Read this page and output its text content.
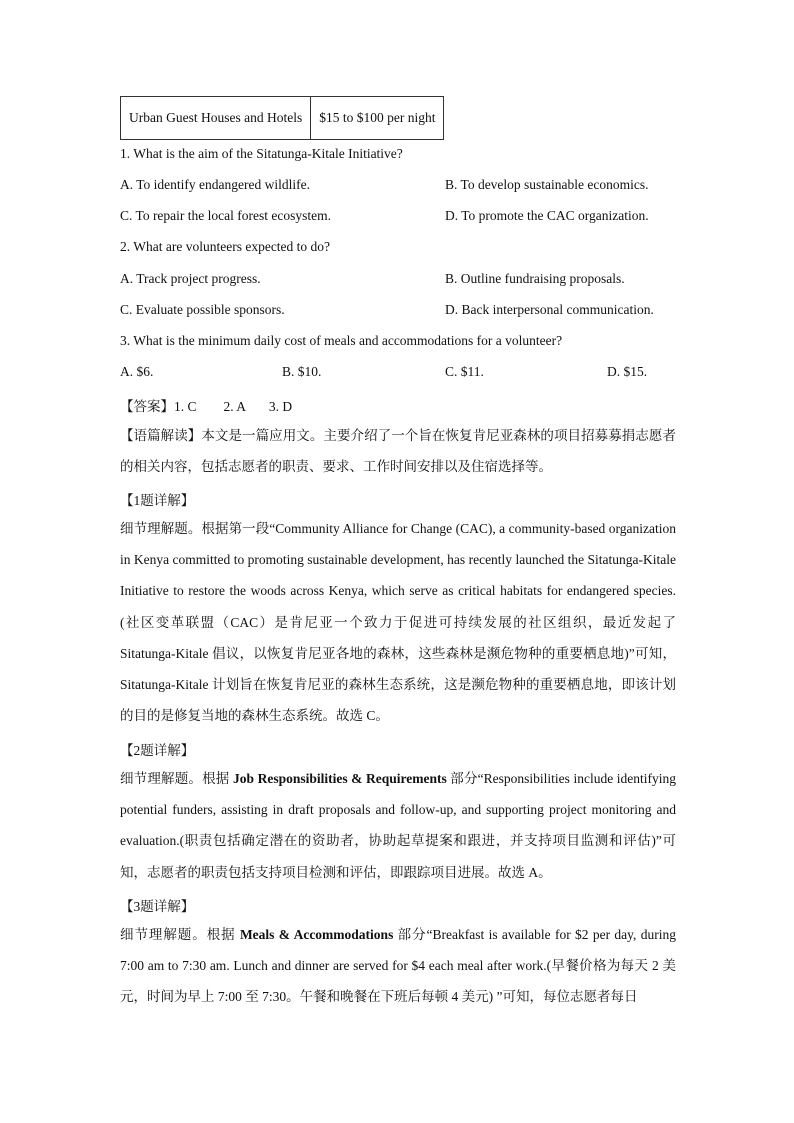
Urban Guest Houses and Hotels	$15 to $100 per night
1. What is the aim of the Sitatunga-Kitale Initiative?
A. To identify endangered wildlife.	B. To develop sustainable economics.
C. To repair the local forest ecosystem.	D. To promote the CAC organization.
2. What are volunteers expected to do?
A. Track project progress.	B. Outline fundraising proposals.
C. Evaluate possible sponsors.	D. Back interpersonal communication.
3. What is the minimum daily cost of meals and accommodations for a volunteer?
A. $6.	B. $10.	C. $11.	D. $15.
【答案】1. C        2. A       3. D

【语篇解读】本文是一篇应用文。主要介绍了一个旨在恢复肯尼亚森林的项目招募募捐志愿者的相关内容，包括志愿者的职责、要求、工作时间安排以及住宿选择等。

【1题详解】

细节理解题。根据第一段“Community Alliance for Change (CAC), a community-based organization in Kenya committed to promoting sustainable development, has recently launched the Sitatunga-Kitale Initiative to restore the woods across Kenya, which serve as critical habitats for endangered species.(社区变革联盟（CAC）是肯尼亚一个致力于促进可持续发展的社区组织，最近发起了 Sitatunga-Kitale 倡议，以恢复肯尼亚各地的森林，这些森林是濒危物种的重要栖息地)”可知，Sitatunga-Kitale 计划旨在恢复肯尼亚的森林生态系统，这是濒危物种的重要栖息地，即该计划的目的是修复当地的森林生态系统。故选 C。

【2题详解】

细节理解题。根据 Job Responsibilities & Requirements 部分“Responsibilities include identifying potential funders, assisting in draft proposals and follow-up, and supporting project monitoring and evaluation.(职责包括确定潜在的资助者，协助起草提案和跟进，并支持项目监测和评估)”可知，志愿者的职责包括支持项目检测和评估，即跟踪项目进展。故选 A。

【3题详解】

细节理解题。根据 Meals & Accommodations 部分“Breakfast is available for $2 per day, during 7:00 am to 7:30 am. Lunch and dinner are served for $4 each meal after work.(早餐价格为每天 2 美元，时间为早上 7:00 至 7:30。午餐和晚餐在下班后每顿 4 美元) ”可知，每位志愿者每日
